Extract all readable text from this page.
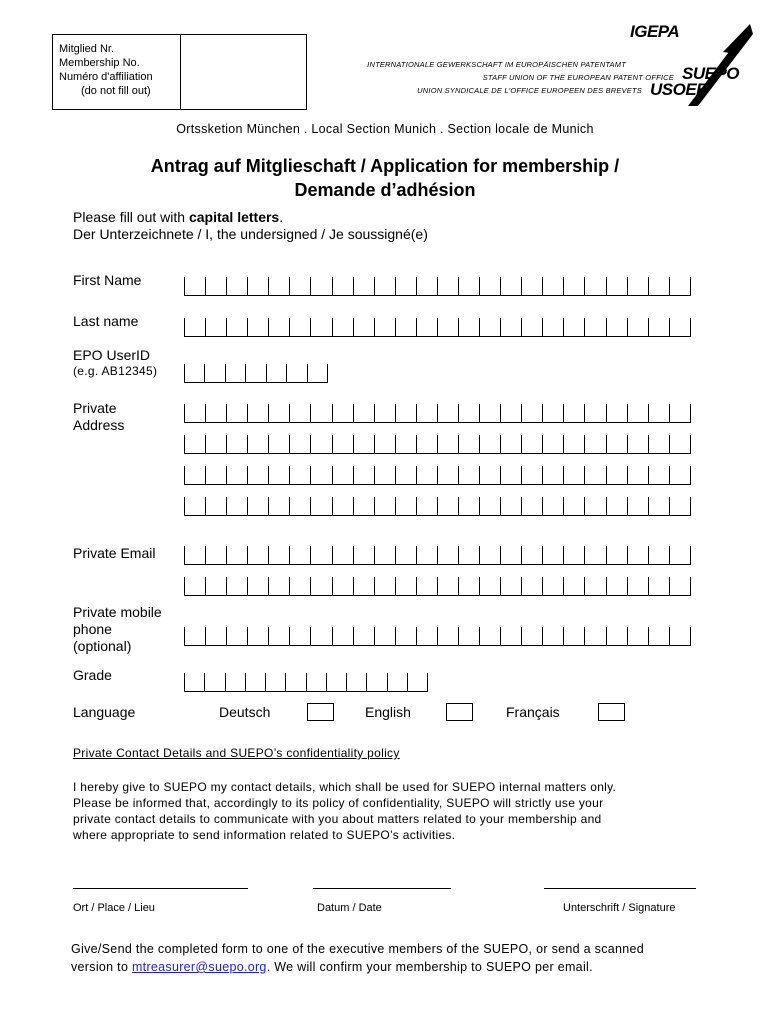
Mitglied Nr.
Membership No.
Numéro d'affiliation

(do not fill out)
INTERNATIONALE GEWERKSCHAFT IM EUROPÄISCHEN PATENTAMT
STAFF UNION OF THE EUROPEAN PATENT OFFICE
UNION SYNDICALE DE L'OFFICE EUROPEEN DES BREVETS
IGEPA
SUEPO
USOEB
Ortssketion München . Local Section Munich . Section locale de Munich
Antrag auf Mitglieschaft / Application for membership /
Demande d’adhésion
Please fill out with capital letters.
Der Unterzeichnete / I, the undersigned / Je soussigné(e)
First Name
Last name
EPO UserID
(e.g. AB12345)
Private
Address
Private Email
Private mobile
phone
(optional)
Grade
Language	Deutsch	English	Français
Private Contact Details and SUEPO’s confidentiality policy
I hereby give to SUEPO my contact details, which shall be used for SUEPO internal matters only.
Please be informed that, accordingly to its policy of confidentiality, SUEPO will strictly use your
private contact details to communicate with you about matters related to your membership and
where appropriate to send information related to SUEPO’s activities.
Ort / Place / Lieu	Datum / Date	Unterschrift / Signature
Give/Send the completed form to one of the executive members of the SUEPO, or send a scanned
version to mtreasurer@suepo.org. We will confirm your membership to SUEPO per email.
